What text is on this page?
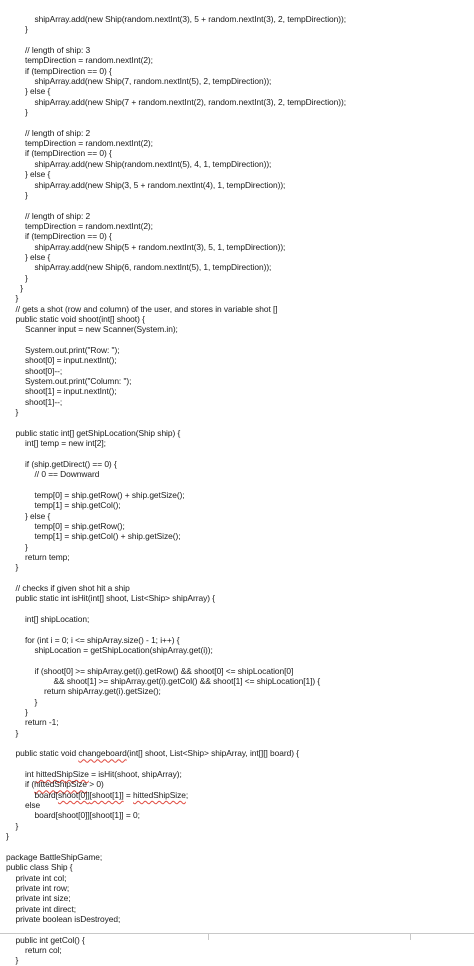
shipArray.add(new Ship(random.nextInt(3), 5 + random.nextInt(3), 2, tempDirection));
}
// length of ship: 3
tempDirection = random.nextInt(2);
if (tempDirection == 0) {
shipArray.add(new Ship(7, random.nextInt(5), 2, tempDirection));
} else {
shipArray.add(new Ship(7 + random.nextInt(2), random.nextInt(3), 2, tempDirection));
}
// length of ship: 2
tempDirection = random.nextInt(2);
if (tempDirection == 0) {
shipArray.add(new Ship(random.nextInt(5), 4, 1, tempDirection));
} else {
shipArray.add(new Ship(3, 5 + random.nextInt(4), 1, tempDirection));
}
// length of ship: 2
tempDirection = random.nextInt(2);
if (tempDirection == 0) {
shipArray.add(new Ship(5 + random.nextInt(3), 5, 1, tempDirection));
} else {
shipArray.add(new Ship(6, random.nextInt(5), 1, tempDirection));
}
}
}
// gets a shot (row and column) of the user, and stores in variable shot []
public static void shoot(int[] shoot) {
Scanner input = new Scanner(System.in);
System.out.print("Row: ");
shoot[0] = input.nextInt();
shoot[0]--;
System.out.print("Column: ");
shoot[1] = input.nextInt();
shoot[1]--;
}
public static int[] getShipLocation(Ship ship) {
int[] temp = new int[2];
if (ship.getDirect() == 0) {
// 0 == Downward
temp[0] = ship.getRow() + ship.getSize();
temp[1] = ship.getCol();
} else {
temp[0] = ship.getRow();
temp[1] = ship.getCol() + ship.getSize();
}
return temp;
}
// checks if given shot hit a ship
public static int isHit(int[] shoot, List<Ship> shipArray) {
int[] shipLocation;
for (int i = 0; i <= shipArray.size() - 1; i++) {
shipLocation = getShipLocation(shipArray.get(i));
if (shoot[0] >= shipArray.get(i).getRow() && shoot[0] <= shipLocation[0]
&& shoot[1] >= shipArray.get(i).getCol() && shoot[1] <= shipLocation[1]) {
return shipArray.get(i).getSize();
}
}
return -1;
}
public static void changeboard(int[] shoot, List<Ship> shipArray, int[][] board) {
int hittedShipSize = isHit(shoot, shipArray);
if (hittedShipSize > 0)
board[shoot[0]][shoot[1]] = hittedShipSize;
else
board[shoot[0]][shoot[1]] = 0;
}
}
package BattleShipGame;
public class Ship {
private int col;
private int row;
private int size;
private int direct;
private boolean isDestroyed;
public int getCol() {
return col;
}
